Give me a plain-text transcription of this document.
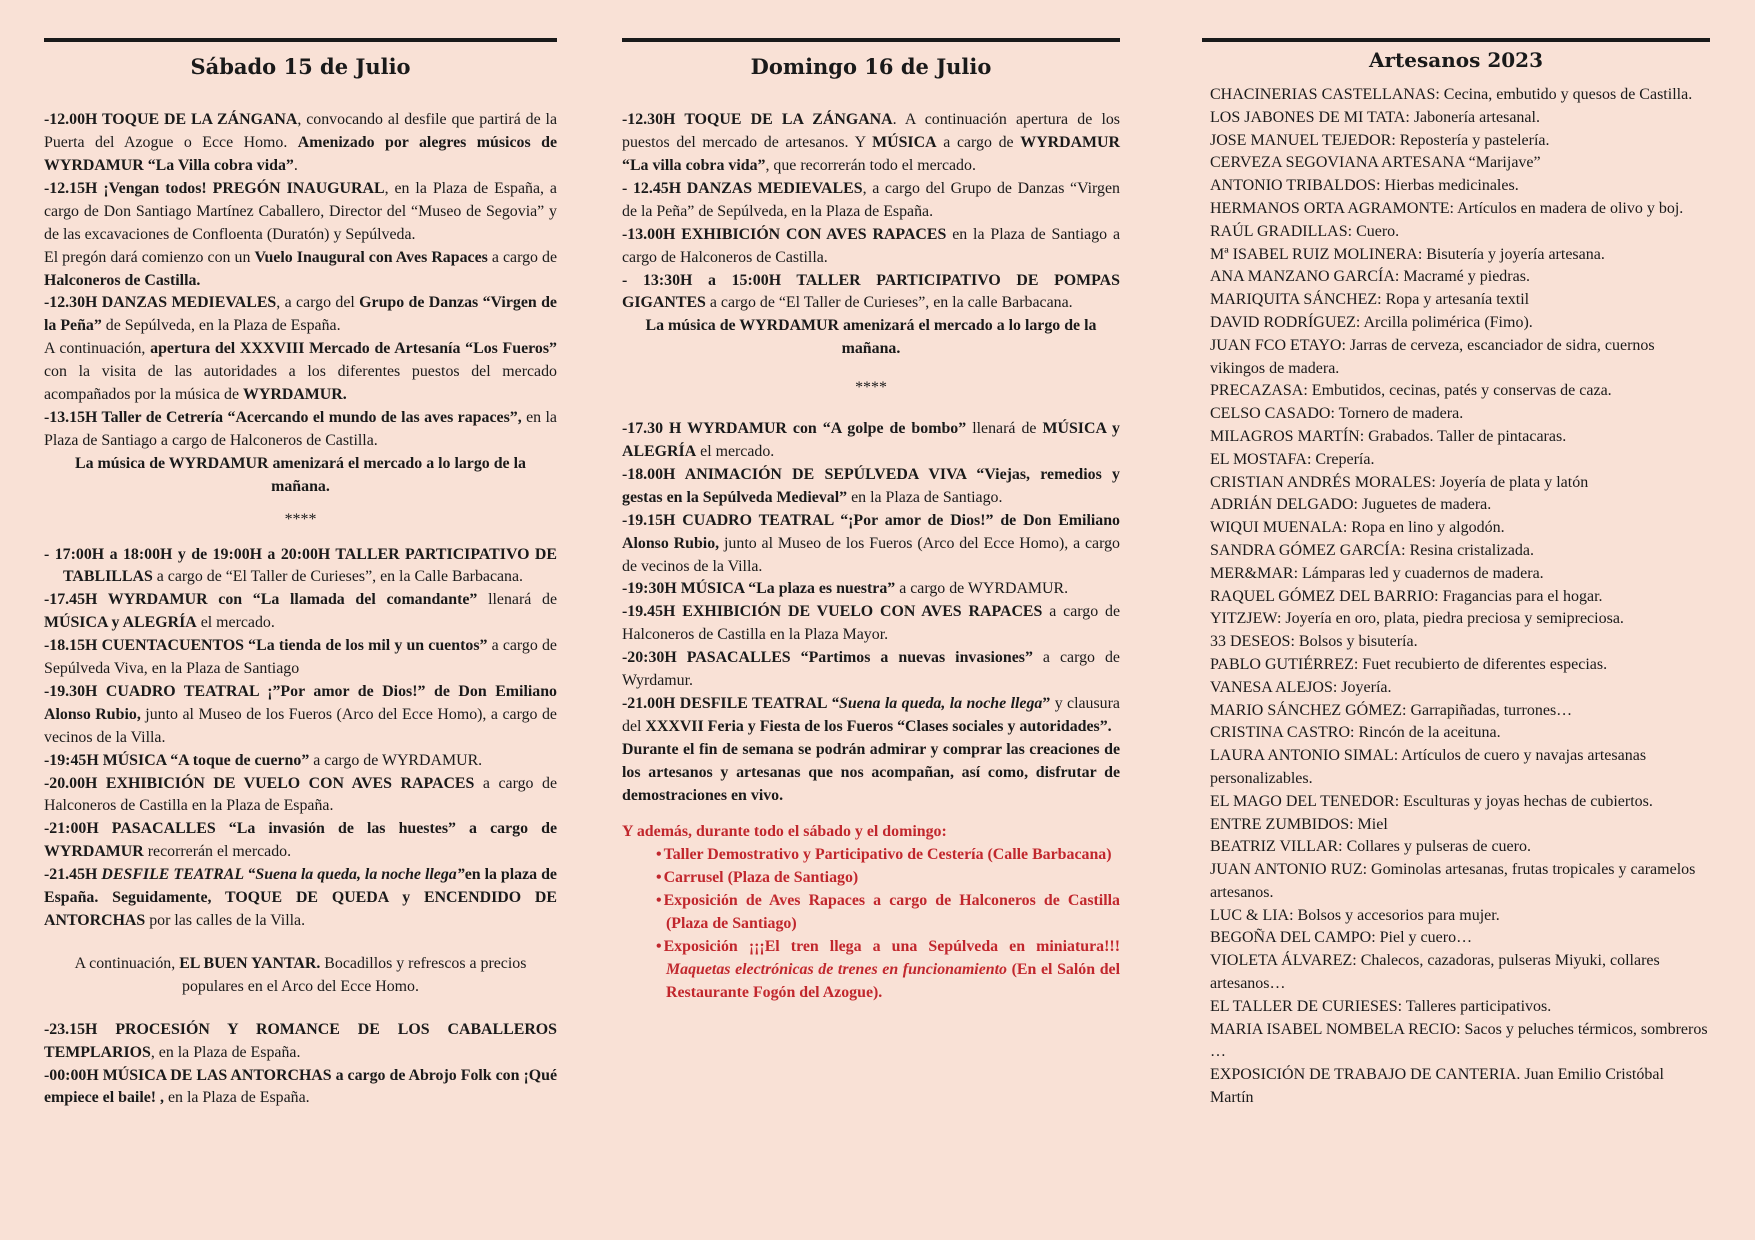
Sábado 15 de Julio

-12.00H TOQUE DE LA ZÁNGANA, convocando al desfile que partirá de la Puerta del Azogue o Ecce Homo. Amenizado por alegres músicos de WYRDAMUR “La Villa cobra vida”.

-12.15H ¡Vengan todos! PREGÓN INAUGURAL, en la Plaza de España, a cargo de Don Santiago Martínez Caballero, Director del “Museo de Segovia” y de las excavaciones de Confloenta (Duratón) y Sepúlveda.

El pregón dará comienzo con un Vuelo Inaugural con Aves Rapaces a cargo de Halconeros de Castilla.

-12.30H DANZAS MEDIEVALES, a cargo del Grupo de Danzas “Virgen de la Peña” de Sepúlveda, en la Plaza de España.

A continuación, apertura del XXXVIII Mercado de Artesanía “Los Fueros” con la visita de las autoridades a los diferentes puestos del mercado acompañados por la música de WYRDAMUR.

-13.15H Taller de Cetrería “Acercando el mundo de las aves rapaces”, en la Plaza de Santiago a cargo de Halconeros de Castilla.

La música de WYRDAMUR amenizará el mercado a lo largo de la mañana.

****

- 17:00H a 18:00H y de 19:00H a 20:00H TALLER PARTICIPATIVO DE TABLILLAS a cargo de “El Taller de Curieses”, en la Calle Barbacana.

-17.45H WYRDAMUR con “La llamada del comandante” llenará de MÚSICA y ALEGRÍA el mercado.

-18.15H CUENTACUENTOS “La tienda de los mil y un cuentos” a cargo de Sepúlveda Viva, en la Plaza de Santiago

-19.30H CUADRO TEATRAL ¡”Por amor de Dios!” de Don Emiliano Alonso Rubio, junto al Museo de los Fueros (Arco del Ecce Homo), a cargo de vecinos de la Villa.

-19:45H MÚSICA “A toque de cuerno” a cargo de WYRDAMUR.

-20.00H EXHIBICIÓN DE VUELO CON AVES RAPACES a cargo de Halconeros de Castilla en la Plaza de España.

-21:00H PASACALLES “La invasión de las huestes” a cargo de WYRDAMUR recorrerán el mercado.

-21.45H DESFILE TEATRAL “Suena la queda, la noche llega”en la plaza de España. Seguidamente, TOQUE DE QUEDA y ENCENDIDO DE ANTORCHAS por las calles de la Villa.

A continuación, EL BUEN YANTAR. Bocadillos y refrescos a precios populares en el Arco del Ecce Homo.

-23.15H PROCESIÓN Y ROMANCE DE LOS CABALLEROS TEMPLARIOS, en la Plaza de España.

-00:00H MÚSICA DE LAS ANTORCHAS a cargo de Abrojo Folk con ¡Qué empiece el baile! , en la Plaza de España.

Domingo 16 de Julio

-12.30H TOQUE DE LA ZÁNGANA. A continuación apertura de los puestos del mercado de artesanos. Y MÚSICA a cargo de WYRDAMUR “La villa cobra vida”, que recorrerán todo el mercado.

- 12.45H DANZAS MEDIEVALES, a cargo del Grupo de Danzas “Virgen de la Peña” de Sepúlveda, en la Plaza de España.

-13.00H EXHIBICIÓN CON AVES RAPACES en la Plaza de Santiago a cargo de Halconeros de Castilla.

- 13:30H a 15:00H TALLER PARTICIPATIVO DE POMPAS GIGANTES a cargo de “El Taller de Curieses”, en la calle Barbacana.

La música de WYRDAMUR amenizará el mercado a lo largo de la mañana.

****

-17.30 H WYRDAMUR con “A golpe de bombo” llenará de MÚSICA y ALEGRÍA el mercado.

-18.00H ANIMACIÓN DE SEPÚLVEDA VIVA “Viejas, remedios y gestas en la Sepúlveda Medieval” en la Plaza de Santiago.

-19.15H CUADRO TEATRAL “¡Por amor de Dios!” de Don Emiliano Alonso Rubio, junto al Museo de los Fueros (Arco del Ecce Homo), a cargo de vecinos de la Villa.

-19:30H MÚSICA “La plaza es nuestra” a cargo de WYRDAMUR.

-19.45H EXHIBICIÓN DE VUELO CON AVES RAPACES a cargo de Halconeros de Castilla en la Plaza Mayor.

-20:30H PASACALLES “Partimos a nuevas invasiones” a cargo de Wyrdamur.

-21.00H DESFILE TEATRAL “Suena la queda, la noche llega” y clausura del XXXVII Feria y Fiesta de los Fueros “Clases sociales y autoridades”.

Durante el fin de semana se podrán admirar y comprar las creaciones de los artesanos y artesanas que nos acompañan, así como, disfrutar de demostraciones en vivo.

Y además, durante todo el sábado y el domingo:

• Taller Demostrativo y Participativo de Cestería (Calle Barbacana)
• Carrusel (Plaza de Santiago)
• Exposición de Aves Rapaces a cargo de Halconeros de Castilla (Plaza de Santiago)
• Exposición ¡¡¡El tren llega a una Sepúlveda en miniatura!!! Maquetas electrónicas de trenes en funcionamiento (En el Salón del Restaurante Fogón del Azogue).
Artesanos 2023

CHACINERIAS CASTELLANAS: Cecina, embutido y quesos de Castilla.

LOS JABONES DE MI TATA: Jabonería artesanal.

JOSE MANUEL TEJEDOR: Repostería y pastelería.

CERVEZA SEGOVIANA ARTESANA “Marijave”

ANTONIO TRIBALDOS: Hierbas medicinales.

HERMANOS ORTA AGRAMONTE: Artículos en madera de olivo y boj.

RAÚL GRADILLAS: Cuero.

Mª ISABEL RUIZ MOLINERA: Bisutería y joyería artesana.

ANA MANZANO GARCÍA: Macramé y piedras.

MARIQUITA SÁNCHEZ: Ropa y artesanía textil

DAVID RODRÍGUEZ: Arcilla polimérica (Fimo).

JUAN FCO ETAYO: Jarras de cerveza, escanciador de sidra, cuernos vikingos de madera.

PRECAZASA: Embutidos, cecinas, patés y conservas de caza.

CELSO CASADO: Tornero de madera.

MILAGROS MARTÍN: Grabados. Taller de pintacaras.

EL MOSTAFA: Crepería.

CRISTIAN ANDRÉS MORALES: Joyería de plata y latón

ADRIÁN DELGADO: Juguetes de madera.

WIQUI MUENALA: Ropa en lino y algodón.

SANDRA GÓMEZ GARCÍA: Resina cristalizada.

MER&MAR: Lámparas led y cuadernos de madera.

RAQUEL GÓMEZ DEL BARRIO: Fragancias para el hogar.

YITZJEW: Joyería en oro, plata, piedra preciosa y semipreciosa.

33 DESEOS: Bolsos y bisutería.

PABLO GUTIÉRREZ: Fuet recubierto de diferentes especias.

VANESA ALEJOS: Joyería.

MARIO SÁNCHEZ GÓMEZ: Garrapiñadas, turrones…

CRISTINA CASTRO: Rincón de la aceituna.

LAURA ANTONIO SIMAL: Artículos de cuero y navajas artesanas personalizables.

EL MAGO DEL TENEDOR: Esculturas y joyas hechas de cubiertos.

ENTRE ZUMBIDOS: Miel

BEATRIZ VILLAR: Collares y pulseras de cuero.

JUAN ANTONIO RUZ: Gominolas artesanas, frutas tropicales y caramelos artesanos.

LUC & LIA: Bolsos y accesorios para mujer.

BEGOÑA DEL CAMPO: Piel y cuero…

VIOLETA ÁLVAREZ: Chalecos, cazadoras, pulseras Miyuki, collares artesanos…

EL TALLER DE CURIESES: Talleres participativos.

MARIA ISABEL NOMBELA RECIO: Sacos y peluches térmicos, sombreros …

EXPOSICIÓN DE TRABAJO DE CANTERIA. Juan Emilio Cristóbal Martín
